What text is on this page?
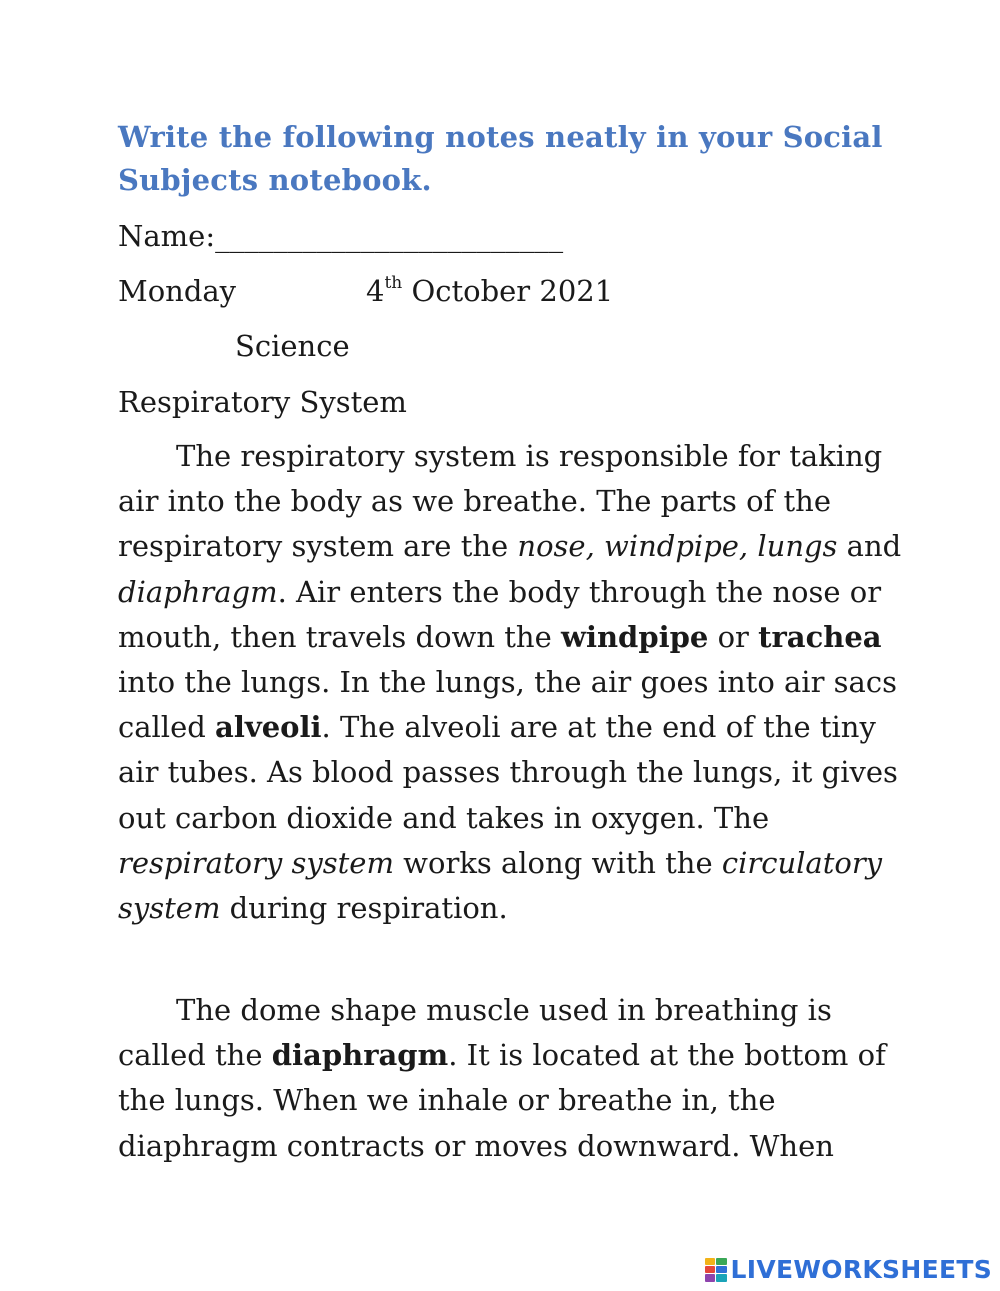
Write the following notes neatly in your Social Subjects notebook.
Name:________________________
Monday	4th October 2021
Science
Respiratory System

The respiratory system is responsible for taking air into the body as we breathe. The parts of the respiratory system are the nose, windpipe, lungs and diaphragm. Air enters the body through the nose or mouth, then travels down the windpipe or trachea into the lungs. In the lungs, the air goes into air sacs called alveoli. The alveoli are at the end of the tiny air tubes. As blood passes through the lungs, it gives out carbon dioxide and takes in oxygen. The respiratory system works along with the circulatory system during respiration.

The dome shape muscle used in breathing is called the diaphragm. It is located at the bottom of the lungs. When we inhale or breathe in, the diaphragm contracts or moves downward. When

LIVEWORKSHEETS
